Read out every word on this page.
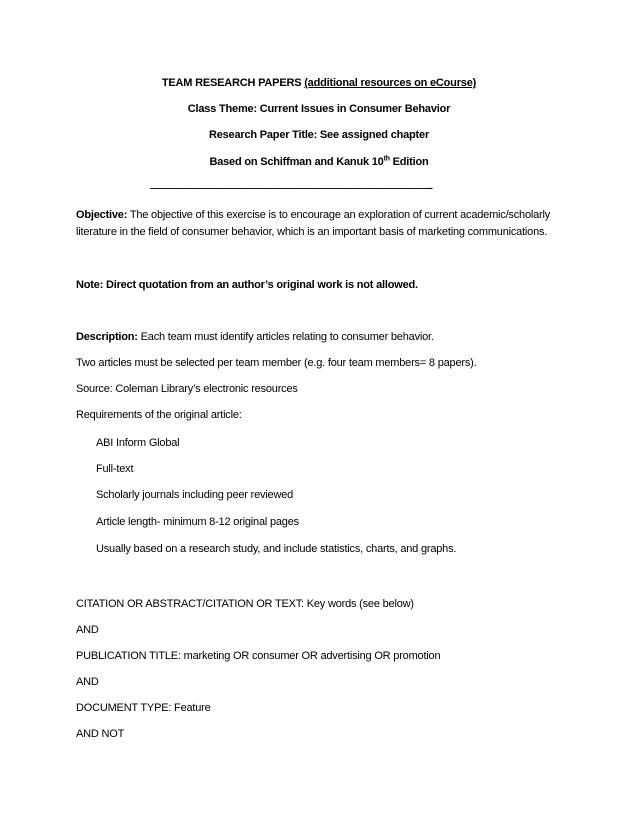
TEAM RESEARCH PAPERS (additional resources on eCourse)
Class Theme: Current Issues in Consumer Behavior
Research Paper Title: See assigned chapter
Based on Schiffman and Kanuk 10th Edition
–––––––––––––––––––––––––––––––––––––––––––––––––––––––––––––––--
Objective: The objective of this exercise is to encourage an exploration of current academic/scholarly
literature in the field of consumer behavior, which is an important basis of marketing communications.
Note: Direct quotation from an author’s original work is not allowed.
Description: Each team must identify articles relating to consumer behavior.
Two articles must be selected per team member (e.g. four team members= 8 papers).
Source: Coleman Library’s electronic resources
Requirements of the original article:
ABI Inform Global
Full-text
Scholarly journals including peer reviewed
Article length- minimum 8-12 original pages
Usually based on a research study, and include statistics, charts, and graphs.
CITATION OR ABSTRACT/CITATION OR TEXT: Key words (see below)
AND
PUBLICATION TITLE: marketing OR consumer OR advertising OR promotion
AND
DOCUMENT TYPE: Feature
AND NOT
